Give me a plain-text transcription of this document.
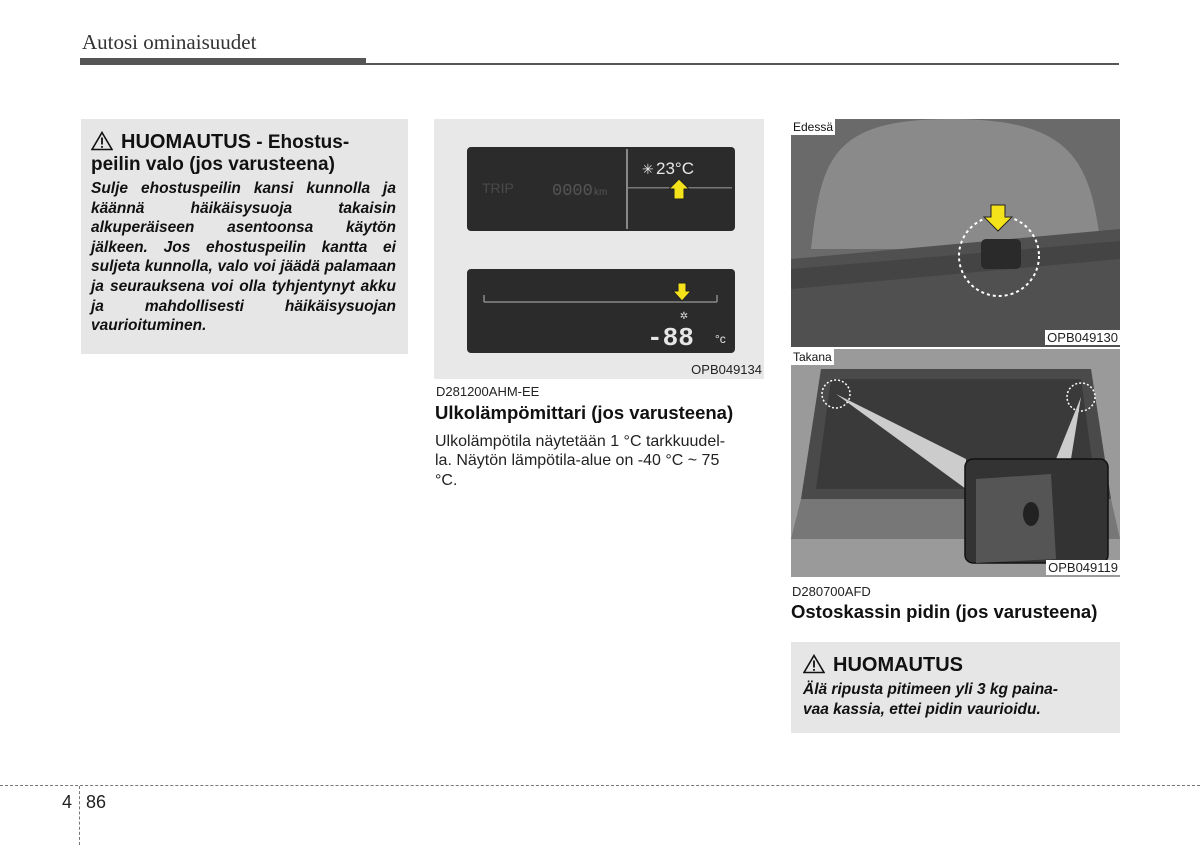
Autosi ominaisuudet
HUOMAUTUS - Ehostus-
peilin valo (jos varusteena)
Sulje ehostuspeilin kansi kunnolla ja käännä häikäisysuoja takaisin alkuperäiseen asentoonsa käytön jälkeen. Jos ehostuspeilin kantta ei suljeta kunnolla, valo voi jäädä palamaan ja seurauksena voi olla tyhjentynyt akku ja mahdollisesti häikäisysuojan vaurioituminen.
TRIP 0000 km
23°C
✳
✲
-88 °c
OPB049134
D281200AHM-EE
Ulkolämpömittari (jos varusteena)
Ulkolämpötila näytetään 1 °C tarkkuudel-
la. Näytön lämpötila-alue on -40 °C ~ 75
°C.
Edessä
OPB049130
Takana
OPB049119
D280700AFD
Ostoskassin pidin (jos varusteena)
HUOMAUTUS
Älä ripusta pitimeen yli 3 kg paina-
vaa kassia, ettei pidin vaurioidu.
4 86
